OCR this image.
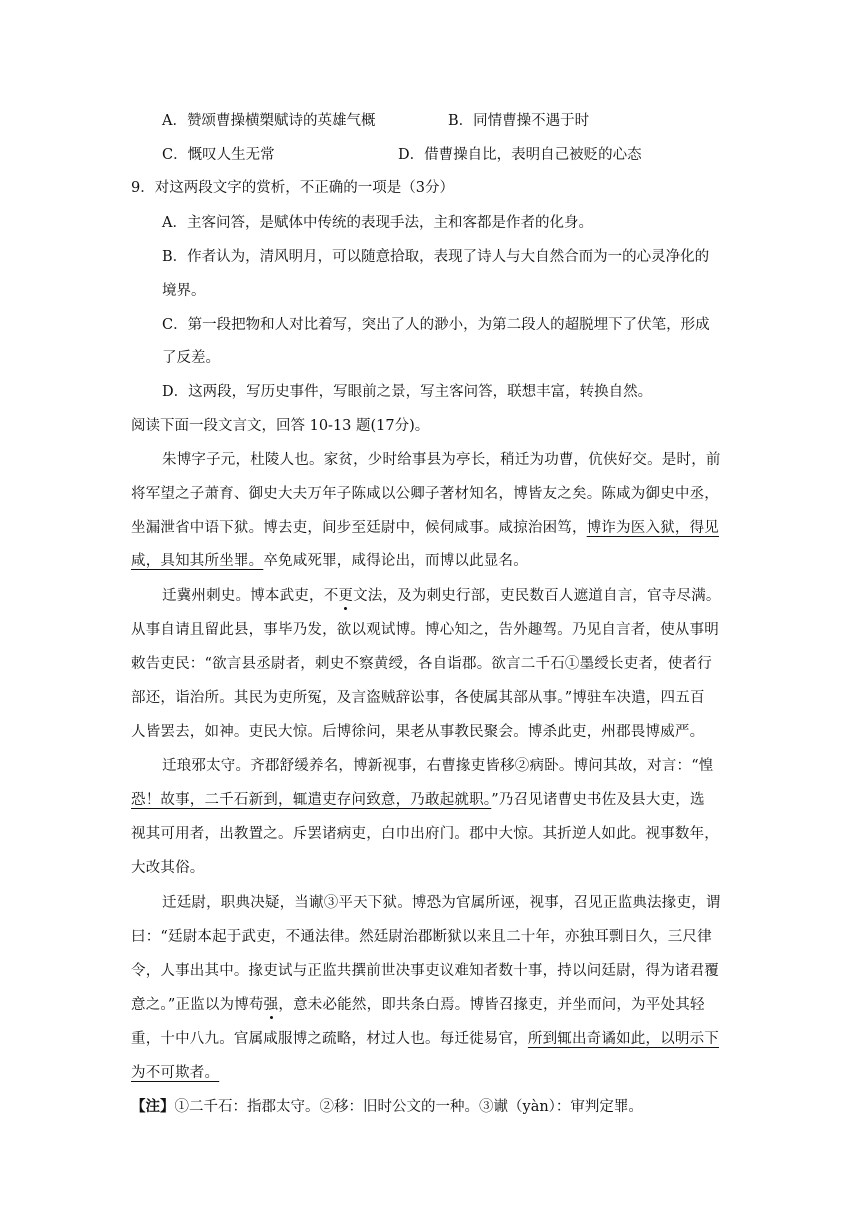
A．赞颂曹操横槊赋诗的英雄气概	B．同情曹操不遇于时
C．慨叹人生无常	D．借曹操自比，表明自己被贬的心态
9．对这两段文字的赏析，不正确的一项是（3分）
A．主客问答，是赋体中传统的表现手法，主和客都是作者的化身。
B．作者认为，清风明月，可以随意拾取，表现了诗人与大自然合而为一的心灵净化的
境界。
C．第一段把物和人对比着写，突出了人的渺小，为第二段人的超脱埋下了伏笔，形成
了反差。
D．这两段，写历史事件，写眼前之景，写主客问答，联想丰富，转换自然。
阅读下面一段文言文，回答 10-13 题(17分)。
朱博字子元，杜陵人也。家贫，少时给事县为亭长，稍迁为功曹，伉侠好交。是时，前
将军望之子萧育、御史大夫万年子陈咸以公卿子著材知名，博皆友之矣。陈咸为御史中丞，
坐漏泄省中语下狱。博去吏，间步至廷尉中，候伺咸事。咸掠治困笃，博诈为医入狱，得见
咸，具知其所坐罪。卒免咸死罪，咸得论出，而博以此显名。
迁冀州刺史。博本武吏，不更文法，及为刺史行部，吏民数百人遮道自言，官寺尽满。
从事自请且留此县，事毕乃发，欲以观试博。博心知之，告外趣驾。乃见自言者，使从事明
敕告吏民：“欲言县丞尉者，刺史不察黄绶，各自诣郡。欲言二千石①墨绶长吏者，使者行
部还，诣治所。其民为吏所冤，及言盗贼辞讼事，各使属其部从事。”博驻车决遣，四五百
人皆罢去，如神。吏民大惊。后博徐问，果老从事教民聚会。博杀此吏，州郡畏博威严。
迁琅邪太守。齐郡舒缓养名，博新视事，右曹掾吏皆移②病卧。博问其故，对言：“惶
恐！故事，二千石新到，辄遣吏存问致意，乃敢起就职。”乃召见诸曹史书佐及县大吏，选
视其可用者，出教置之。斥罢诸病吏，白巾出府门。郡中大惊。其折逆人如此。视事数年，
大改其俗。
迁廷尉，职典决疑，当谳③平天下狱。博恐为官属所诬，视事，召见正监典法掾吏，谓
曰：“廷尉本起于武吏，不通法律。然廷尉治郡断狱以来且二十年，亦独耳剽日久，三尺律
令，人事出其中。掾吏试与正监共撰前世决事吏议难知者数十事，持以问廷尉，得为诸君覆
意之。”正监以为博苟强，意未必能然，即共条白焉。博皆召掾吏，并坐而问，为平处其轻
重，十中八九。官属咸服博之疏略，材过人也。每迁徙易官，所到辄出奇谲如此，以明示下
为不可欺者。
【注】①二千石：指郡太守。②移：旧时公文的一种。③谳（yàn）：审判定罪。
